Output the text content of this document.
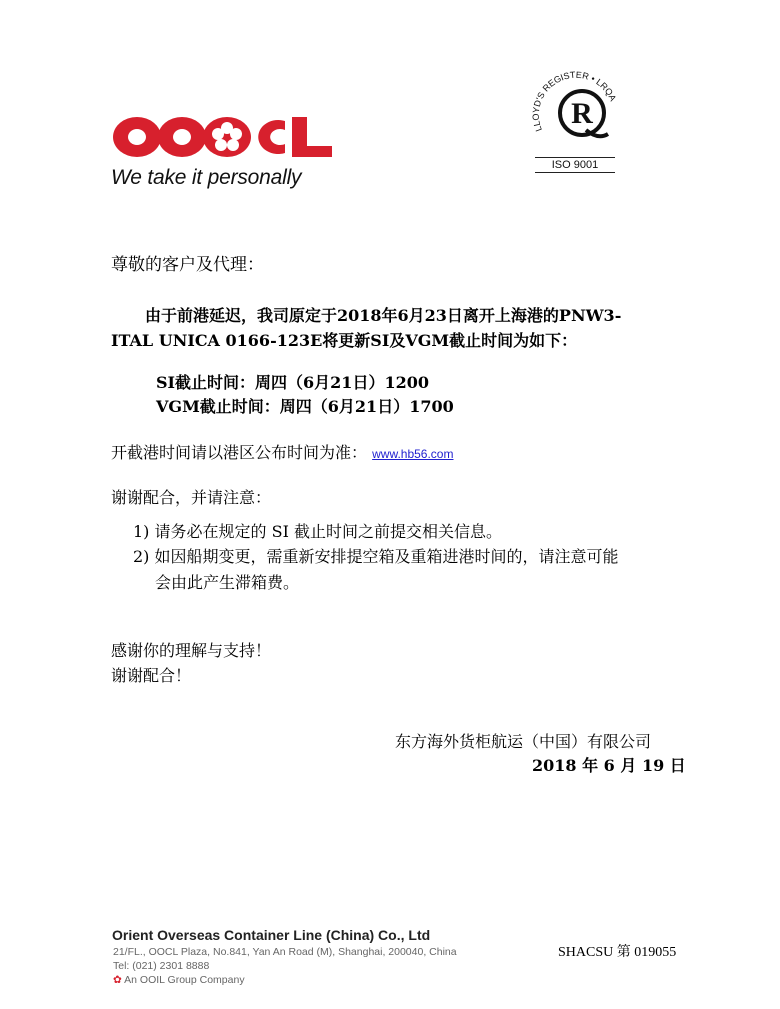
We take it personally
LLOYD'S REGISTER • LRQA
R
ISO 9001
尊敬的客户及代理：
由于前港延迟，我司原定于2018年6月23日离开上海港的PNW3-
ITAL UNICA 0166-123E将更新SI及VGM截止时间为如下：
SI截止时间：周四（6月21日）1200
VGM截止时间：周四（6月21日）1700
开截港时间请以港区公布时间为准： www.hb56.com
谢谢配合，并请注意：
1) 请务必在规定的 SI 截止时间之前提交相关信息。
2) 如因船期变更，需重新安排提空箱及重箱进港时间的，请注意可能
会由此产生滞箱费。
感谢你的理解与支持！
谢谢配合！
东方海外货柜航运（中国）有限公司
2018 年 6 月 19 日
Orient Overseas Container Line (China) Co., Ltd
21/FL., OOCL Plaza, No.841, Yan An Road (M), Shanghai, 200040, China
Tel: (021) 2301 8888
✿ An OOIL Group Company
SHACSU 第 019055
